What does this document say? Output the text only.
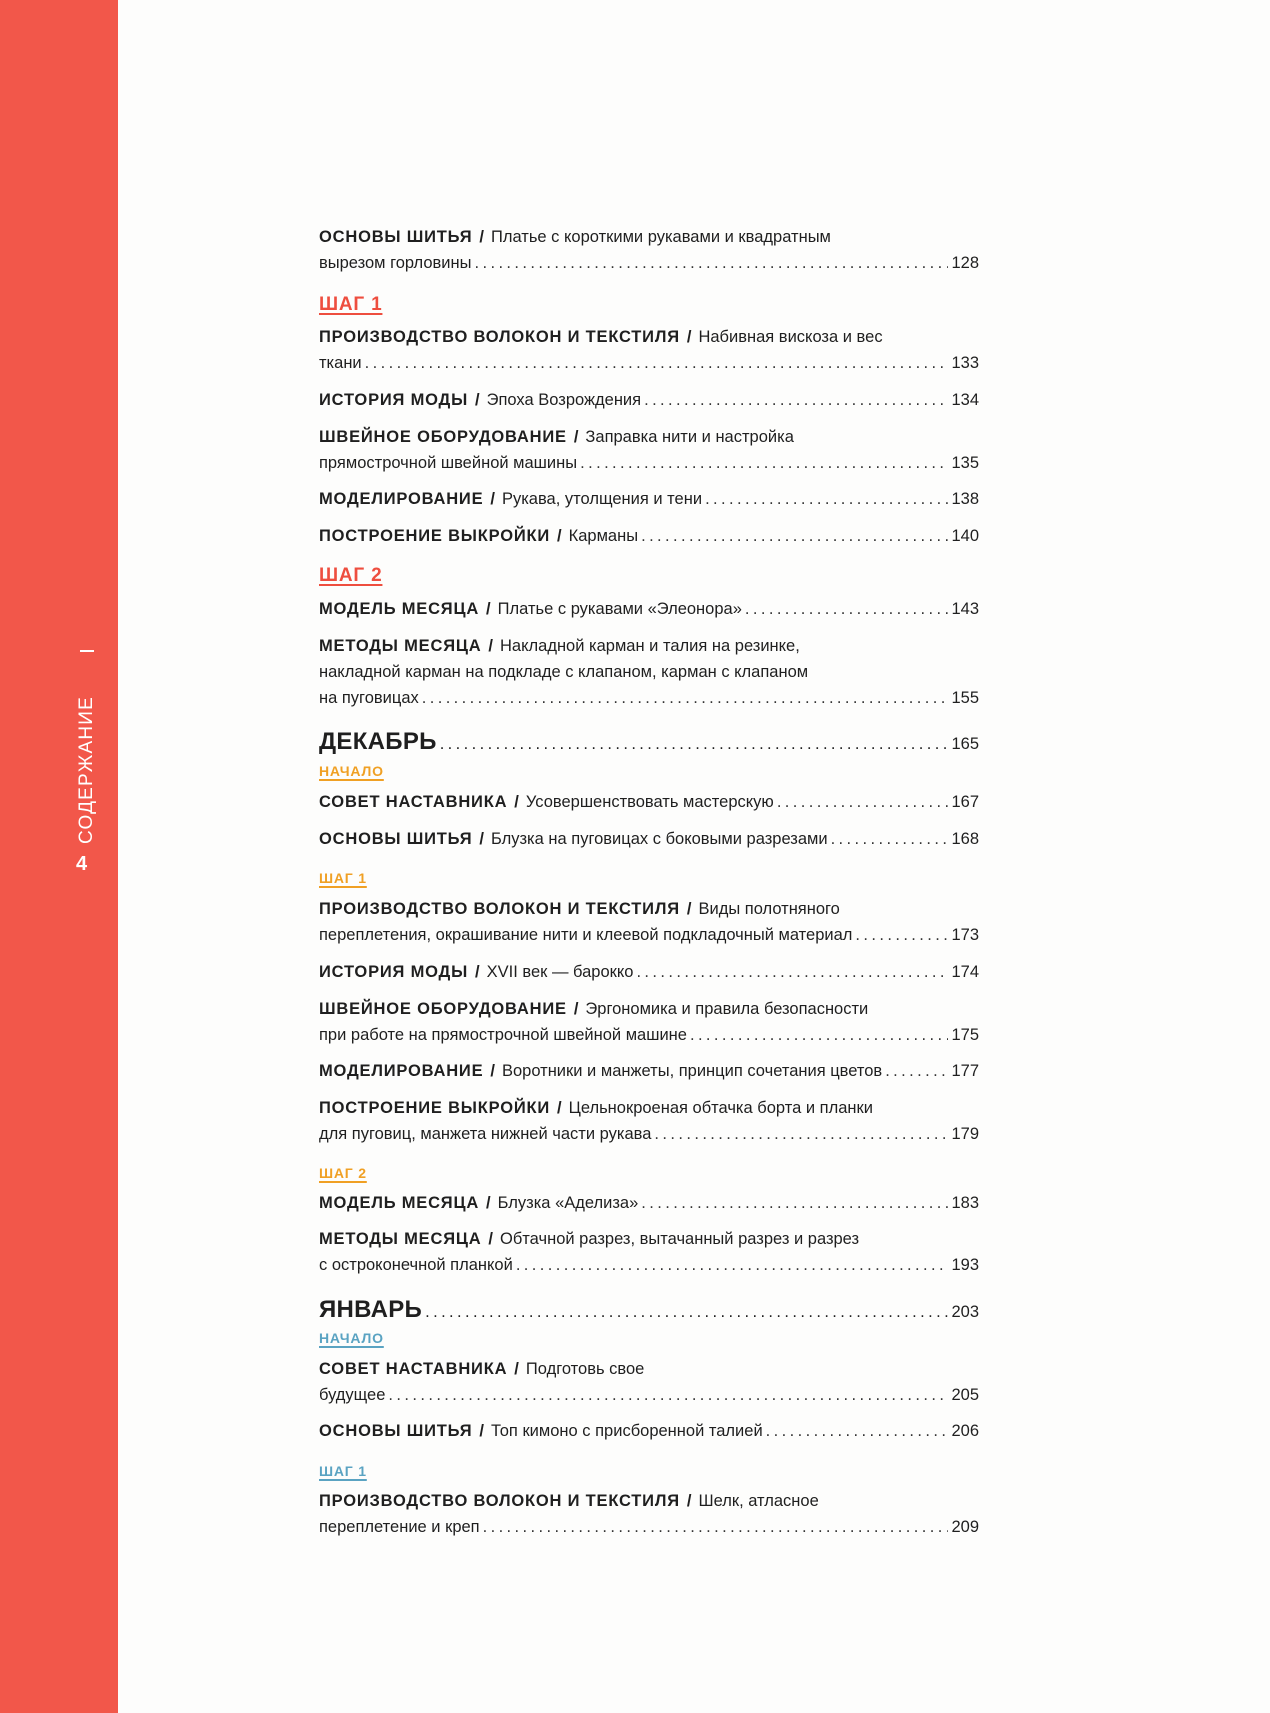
СОДЕРЖАНИЕ
4
ОСНОВЫ ШИТЬЯ / Платье с короткими рукавами и квадратным
вырезом горловины .....	128
ШАГ 1
ПРОИЗВОДСТВО ВОЛОКОН И ТЕКСТИЛЯ / Набивная вискоза и вес
ткани .....	133
ИСТОРИЯ МОДЫ / Эпоха Возрождения .....	134
ШВЕЙНОЕ ОБОРУДОВАНИЕ / Заправка нити и настройка
прямострочной швейной машины .....	135
МОДЕЛИРОВАНИЕ / Рукава, утолщения и тени .....	138
ПОСТРОЕНИЕ ВЫКРОЙКИ / Карманы .....	140
ШАГ 2
МОДЕЛЬ МЕСЯЦА / Платье с рукавами «Элеонора» .....	143
МЕТОДЫ МЕСЯЦА / Накладной карман и талия на резинке,
накладной карман на подкладе с клапаном, карман с клапаном
на пуговицах .....	155
ДЕКАБРЬ .....	165
НАЧАЛО
СОВЕТ НАСТАВНИКА / Усовершенствовать мастерскую .....	167
ОСНОВЫ ШИТЬЯ / Блузка на пуговицах с боковыми разрезами .....	168
ШАГ 1
ПРОИЗВОДСТВО ВОЛОКОН И ТЕКСТИЛЯ / Виды полотняного
переплетения, окрашивание нити и клеевой подкладочный материал .....	173
ИСТОРИЯ МОДЫ / XVII век — барокко .....	174
ШВЕЙНОЕ ОБОРУДОВАНИЕ / Эргономика и правила безопасности
при работе на прямострочной швейной машине .....	175
МОДЕЛИРОВАНИЕ / Воротники и манжеты, принцип сочетания цветов .....	177
ПОСТРОЕНИЕ ВЫКРОЙКИ / Цельнокроеная обтачка борта и планки
для пуговиц, манжета нижней части рукава .....	179
ШАГ 2
МОДЕЛЬ МЕСЯЦА / Блузка «Аделиза» .....	183
МЕТОДЫ МЕСЯЦА / Обтачной разрез, вытачанный разрез и разрез
с остроконечной планкой .....	193
ЯНВАРЬ .....	203
НАЧАЛО
СОВЕТ НАСТАВНИКА / Подготовь свое
будущее .....	205
ОСНОВЫ ШИТЬЯ / Топ кимоно с присборенной талией .....	206
ШАГ 1
ПРОИЗВОДСТВО ВОЛОКОН И ТЕКСТИЛЯ / Шелк, атласное
переплетение и креп .....	209
